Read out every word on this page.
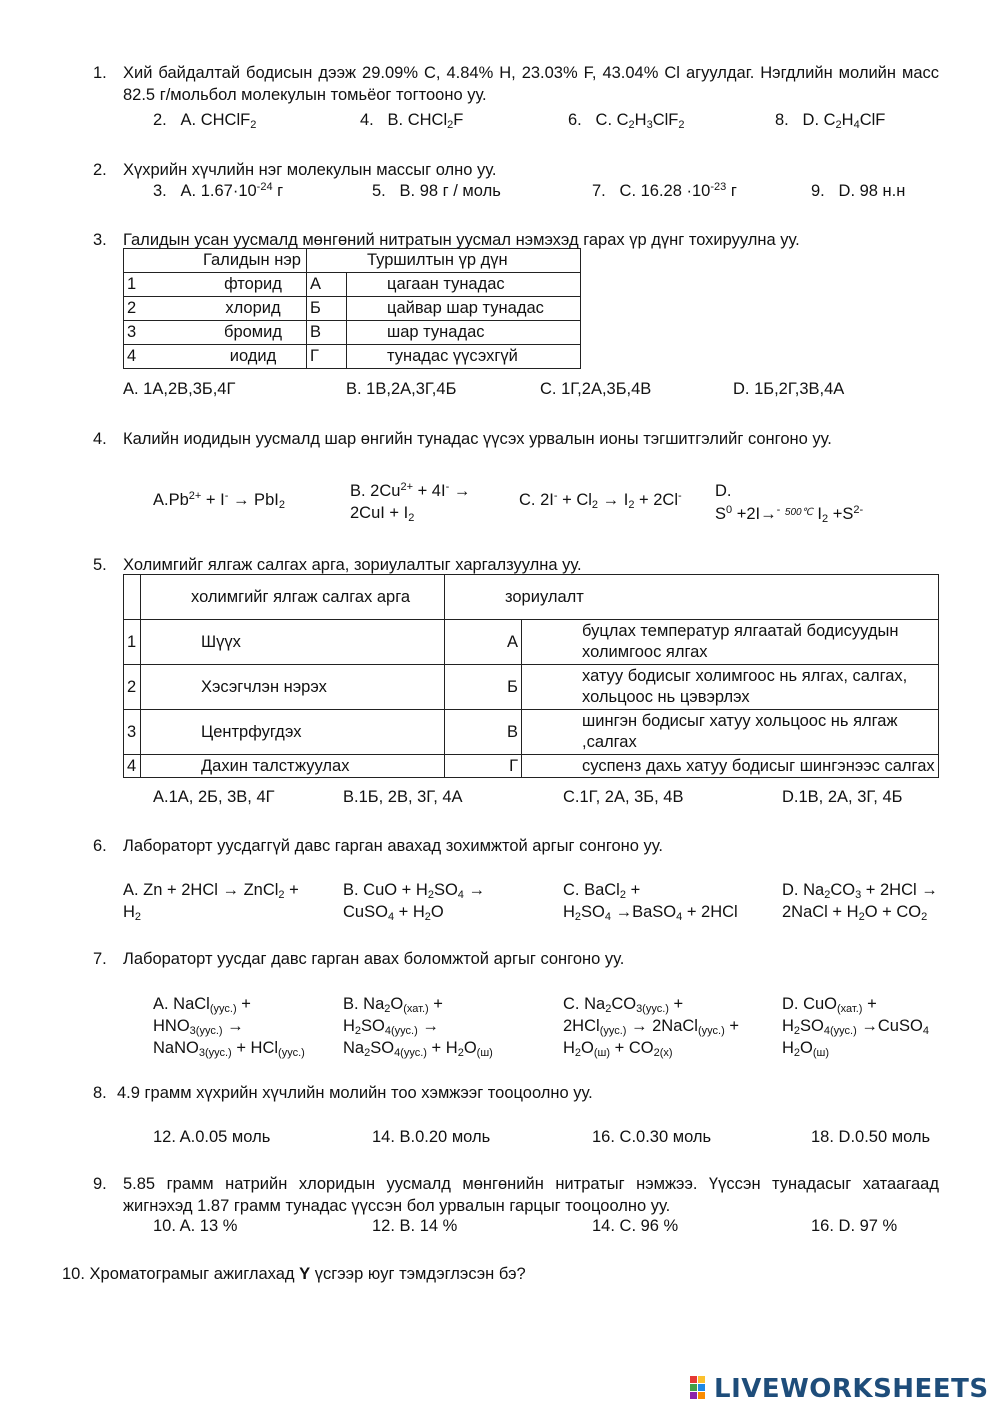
1. Хий байдалтай бодисын дээж 29.09% C, 4.84% H, 23.03% F, 43.04% Cl агуулдаг. Нэгдлийн молийн масс 82.5 г/мольбол молекулын томьёог тогтооно уу.
2. A. CHClF$_2$	4. B. CHCl$_2$F	6. C. $C_2H_3ClF_2$	8. D. $C_2H_4ClF$
2. Хүхрийн хүчлийн нэг молекулын массыг олно уу.
3. A. $1.67\cdot 10^{-24}$ г	5. B. 98 г / моль	7. C. $16.28 \cdot 10^{-23}$ г	9. D. 98 н.н
3. Галидын усан уусмалд мөнгөний нитратын уусмал нэмэхэд гарах үр дүнг тохируулна уу.
	Галидын нэр	Туршилтын үр дүн	
1	фторид	А	цагаан тунадас
2	хлорид	Б	цайвар шар тунадас
3	бромид	В	шар тунадас
4	иодид	Г	тунадас үүсэхгүй
A. 1А,2В,3Б,4Г	B. 1В,2А,3Г,4Б	C. 1Г,2А,3Б,4В	D. 1Б,2Г,3В,4А
4. Калийн иодидын уусмалд шар өнгийн тунадас үүсэх урвалын ионы тэгшитгэлийг сонгоно уу.
$A.Pb^{2+} + I^- \to PbI_2$
B. $2Cu^{2+} + 4I^-$ →
$2CuI + I_2$
C. $2I^- + Cl_2 \to I_2 + 2Cl^-$ D.
$S^0 +2I\to^-$ $^{500℃}$ $I_2 +S^{2-}$
5. Холимгийг ялгаж салгах арга, зориулалтыг харгалзуулна уу.
	холимгийг ялгаж салгах арга	зориулалт	
1	Шүүх	А	буцлах температур ялгаатай бодисуудын холимгоос ялгах
2	Хэсэгчлэн нэрэх	Б	хатуу бодисыг холимгоос нь ялгах, салгах, хольцоос нь цэвэрлэх
3	Центрфугдэх	В	шингэн бодисыг хатуу хольцоос нь ялгаж ,салгах
4	Дахин талстжуулах	Г	суспенз дахь хатуу бодисыг шингэнээс салгах
A.1А, 2Б, 3В, 4Г	B.1Б, 2В, 3Г, 4А	C.1Г, 2А, 3Б, 4В	D.1В, 2А, 3Г, 4Б
6. Лабораторт уусдаггүй давс гарган авахад зохимжтой аргыг сонгоно уу.
A. Zn + 2HCl → ZnCl$_2$ +
$H_2$
B. CuO + $H_2SO_4$ →
CuSO$_4$ + $H_2O$
C. BaCl$_2$ +
$H_2SO_4$ →BaSO$_4$ + 2HCl
D. $Na_2CO_3 + 2HCl$ →
2NaCl + $H_2O + CO_2$
7. Лабораторт уусдаг давс гарган авах боломжтой аргыг сонгоно уу.
A. NaCl$_{(уус.)}$ +
$HNO_{3(уус.)}$ →
NaNO$_{3(уус.)}$ + HCl$_{(уус.)}$
B. $Na_2O_{(хат.)}$ +
$H_2SO_{4(уус.)}$ →
$Na_2SO_{4(уус.)} + H_2O_{(ш)}$
C. $Na_2CO_{3(уус.)}$ +
2HCl$_{(уус.)}$ → 2NaCl$_{(уус.)}$ +
$H_2O_{(ш)} + CO_{2(х)}$
D. CuO$_{(хат.)}$ +
$H_2SO_{4(уус.)}$ →CuSO$_4$
$H_2O_{(ш)}$
8. 4.9 грамм хүхрийн хүчлийн молийн тоо хэмжээг тооцоолно уу.
12. A.0.05 моль	14. B.0.20 моль	16. C.0.30 моль	18. D.0.50 моль
9. 5.85 грамм натрийн хлоридын уусмалд мөнгөнийн нитратыг нэмжээ. Үүссэн тунадасыг хатаагаад жигнэхэд 1.87 грамм тунадас үүссэн бол урвалын гарцыг тооцоолно уу.
10. A. 13 %	12. B. 14 %	14. C. 96 %	16. D. 97 %
10. Хроматограмыг ажиглахад Y үсгээр юуг тэмдэглэсэн бэ?
LIVEWORKSHEETS
